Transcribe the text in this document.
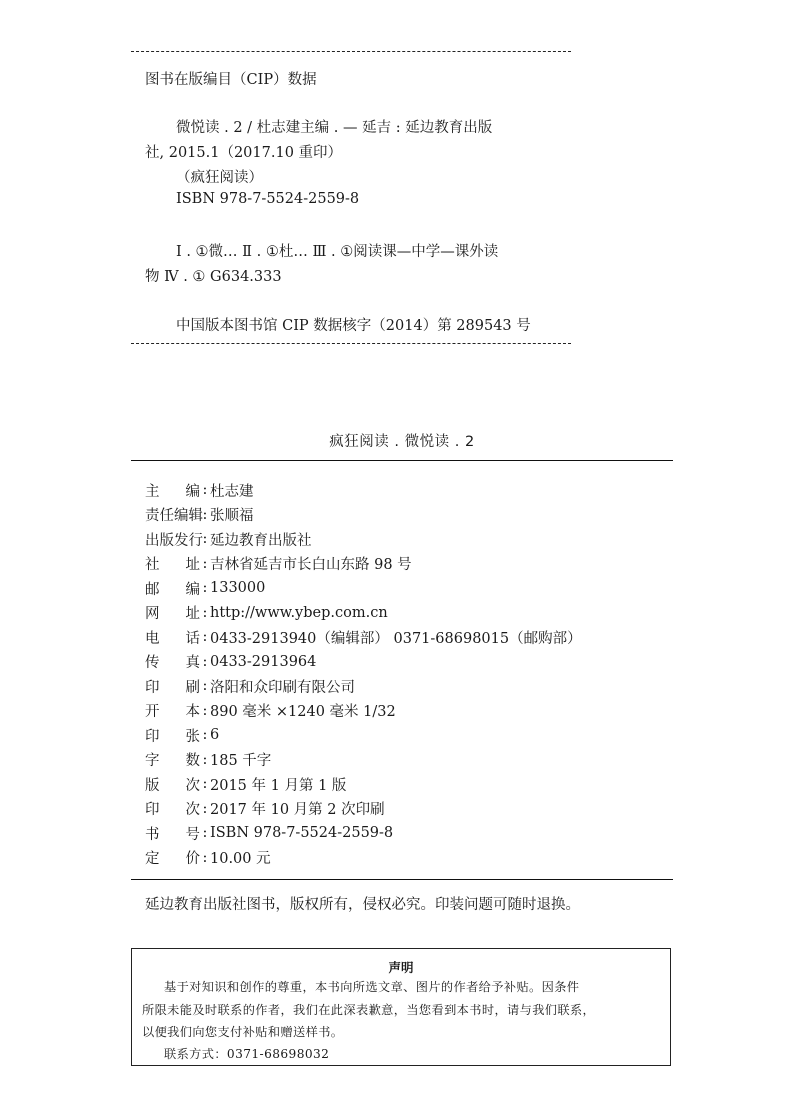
图书在版编目（CIP）数据
微悦读 . 2 / 杜志建主编 . — 延吉 : 延边教育出版
社, 2015.1（2017.10 重印）
（疯狂阅读）
ISBN 978-7-5524-2559-8
Ⅰ . ①微… Ⅱ . ①杜… Ⅲ . ①阅读课—中学—课外读
物 Ⅳ . ① G634.333
中国版本图书馆 CIP 数据核字（2014）第 289543 号
疯狂阅读 . 微悦读 . 2
主 编 : 杜志建
责 任 编 辑 : 张顺福
出 版 发 行 : 延边教育出版社
社 址 : 吉林省延吉市长白山东路 98 号
邮 编 : 133000
网 址 : http://www.ybep.com.cn
电 话 : 0433-2913940（编辑部） 0371-68698015（邮购部）
传 真 : 0433-2913964
印 刷 : 洛阳和众印刷有限公司
开 本 : 890 毫米 ×1240 毫米 1/32
印 张 : 6
字 数 : 185 千字
版 次 : 2015 年 1 月第 1 版
印 次 : 2017 年 10 月第 2 次印刷
书 号 : ISBN 978-7-5524-2559-8
定 价 : 10.00 元
延边教育出版社图书，版权所有，侵权必究。印装问题可随时退换。
声明
基于对知识和创作的尊重，本书向所选文章、图片的作者给予补贴。因条件
所限未能及时联系的作者，我们在此深表歉意，当您看到本书时，请与我们联系，
以便我们向您支付补贴和赠送样书。
联系方式：0371-68698032
